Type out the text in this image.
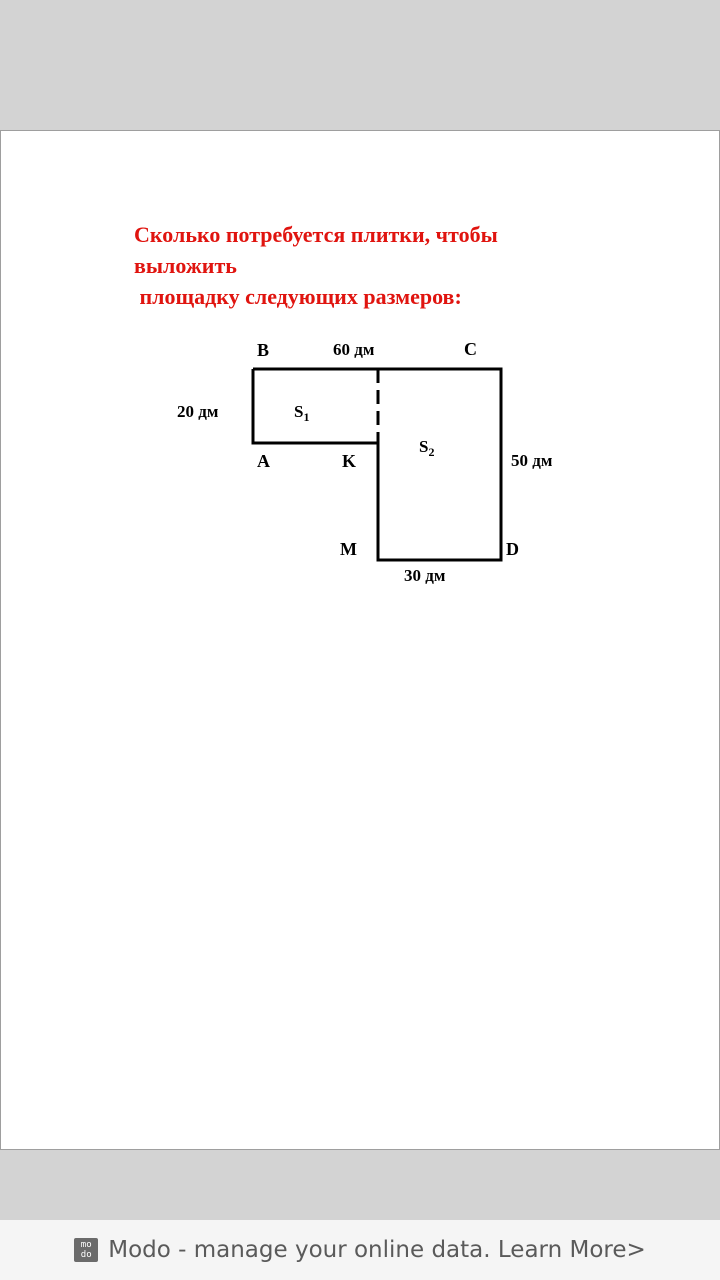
Сколько потребуется плитки, чтобы
выложить
площадку следующих размеров:
B	C
A	K
M	D
60 дм
20 дм
50 дм
30 дм
$S_1$
$S_2$
mo
do Modo - manage your online data. Learn More>
